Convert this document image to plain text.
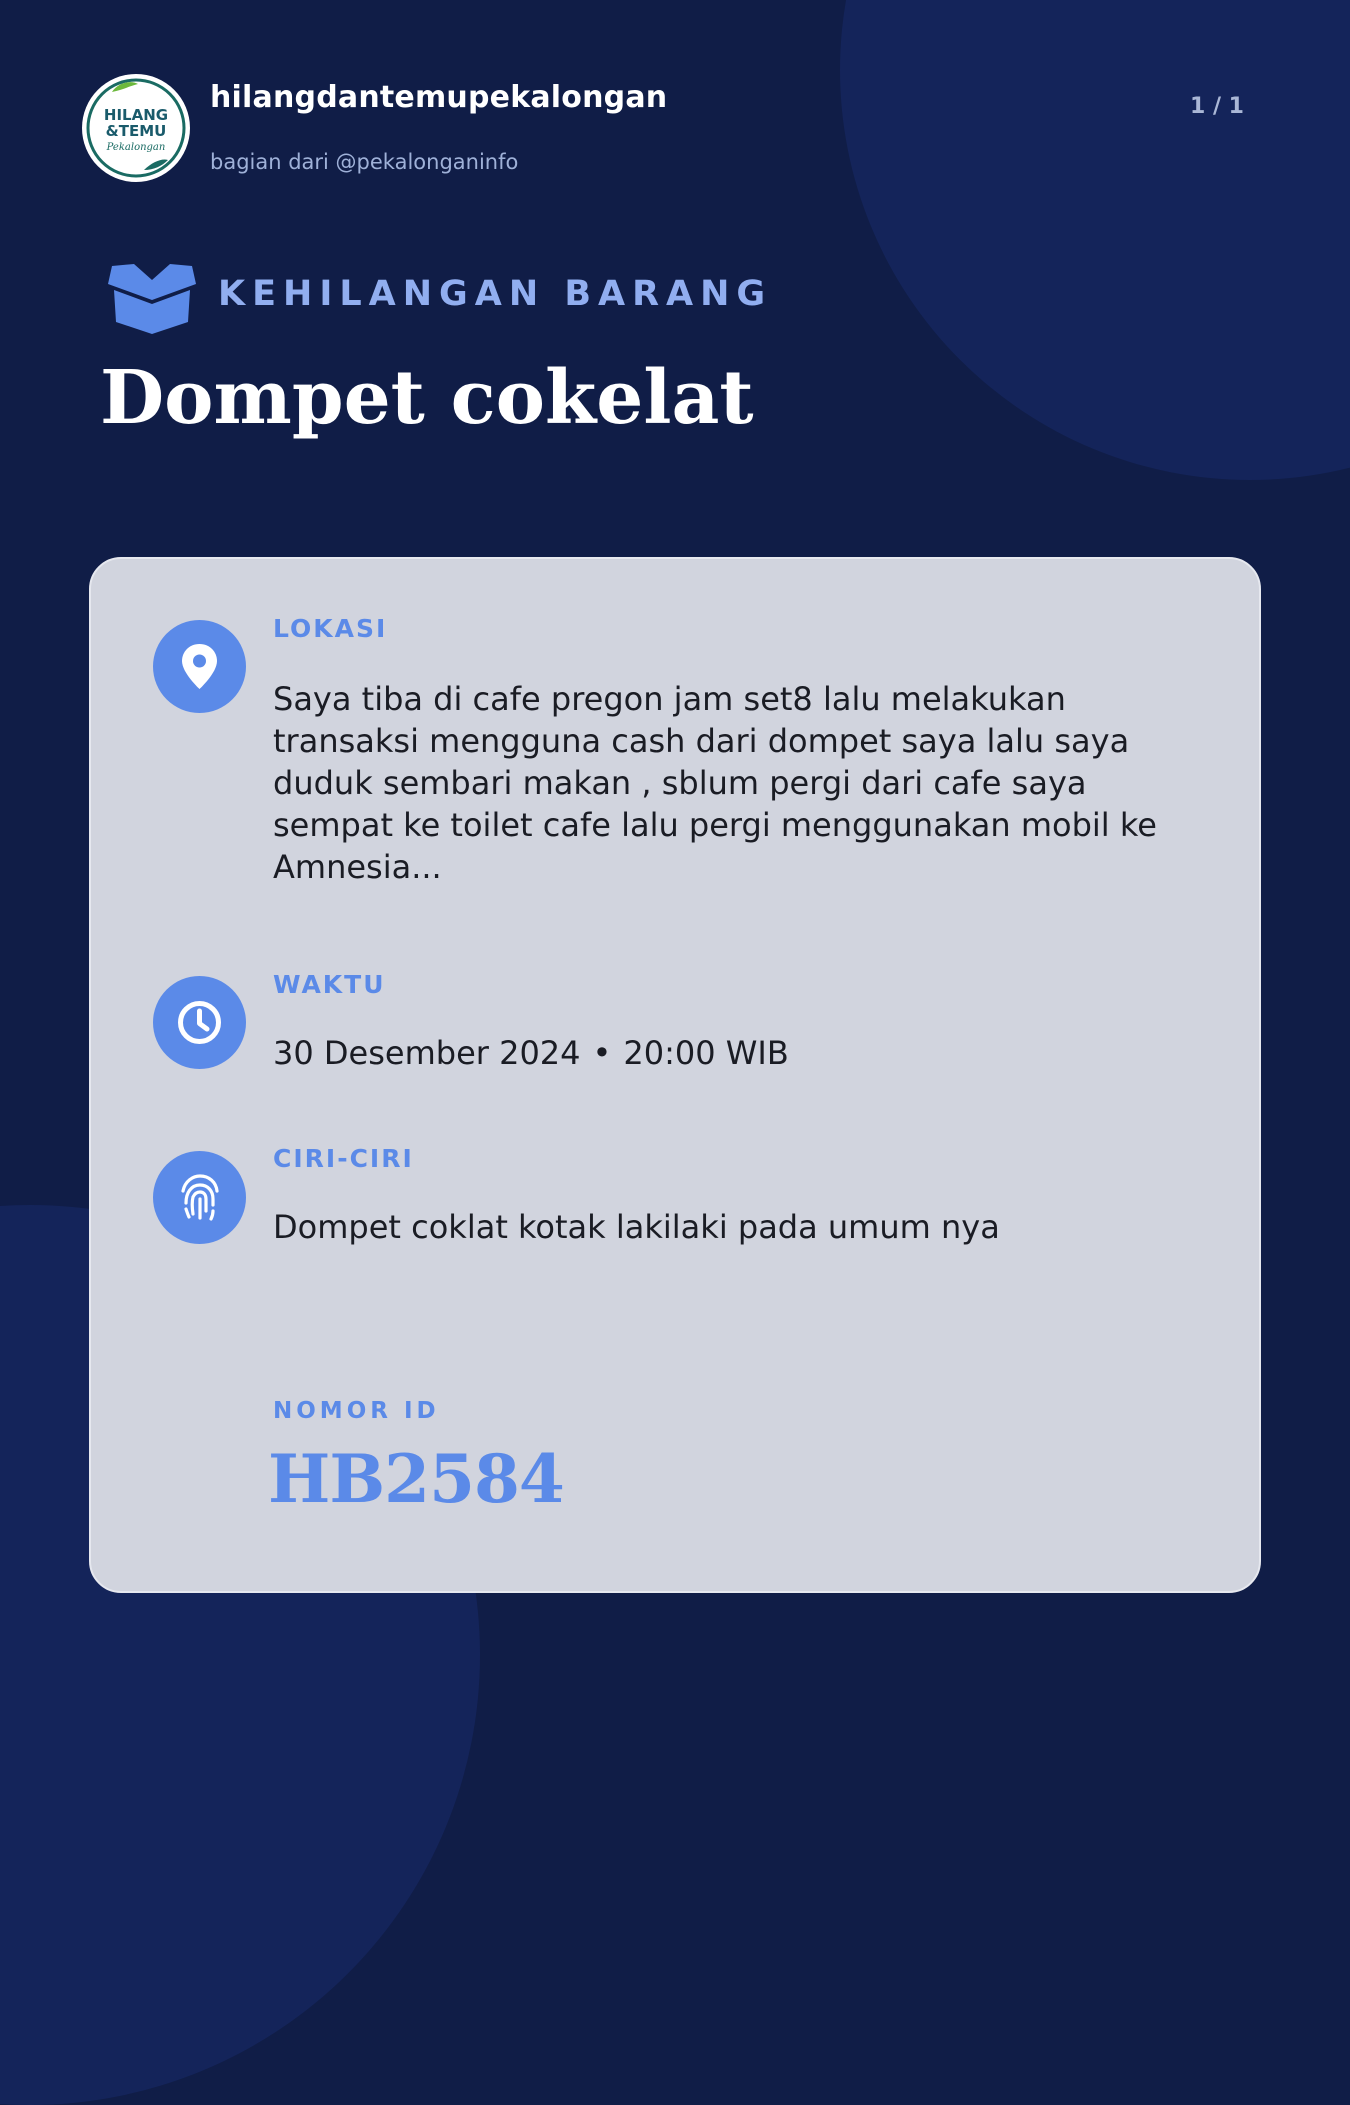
HILANG
&TEMU
Pekalongan
hilangdantemupekalongan
bagian dari @pekalonganinfo
1 / 1
KEHILANGAN BARANG
Dompet cokelat
LOKASI
Saya tiba di cafe pregon jam set8 lalu melakukan transaksi mengguna cash dari dompet saya lalu saya duduk sembari makan , sblum pergi dari cafe saya sempat ke toilet cafe lalu pergi menggunakan mobil ke Amnesia...
WAKTU
30 Desember 2024 • 20:00 WIB
CIRI-CIRI
Dompet coklat kotak lakilaki pada umum nya
NOMOR ID
HB2584
